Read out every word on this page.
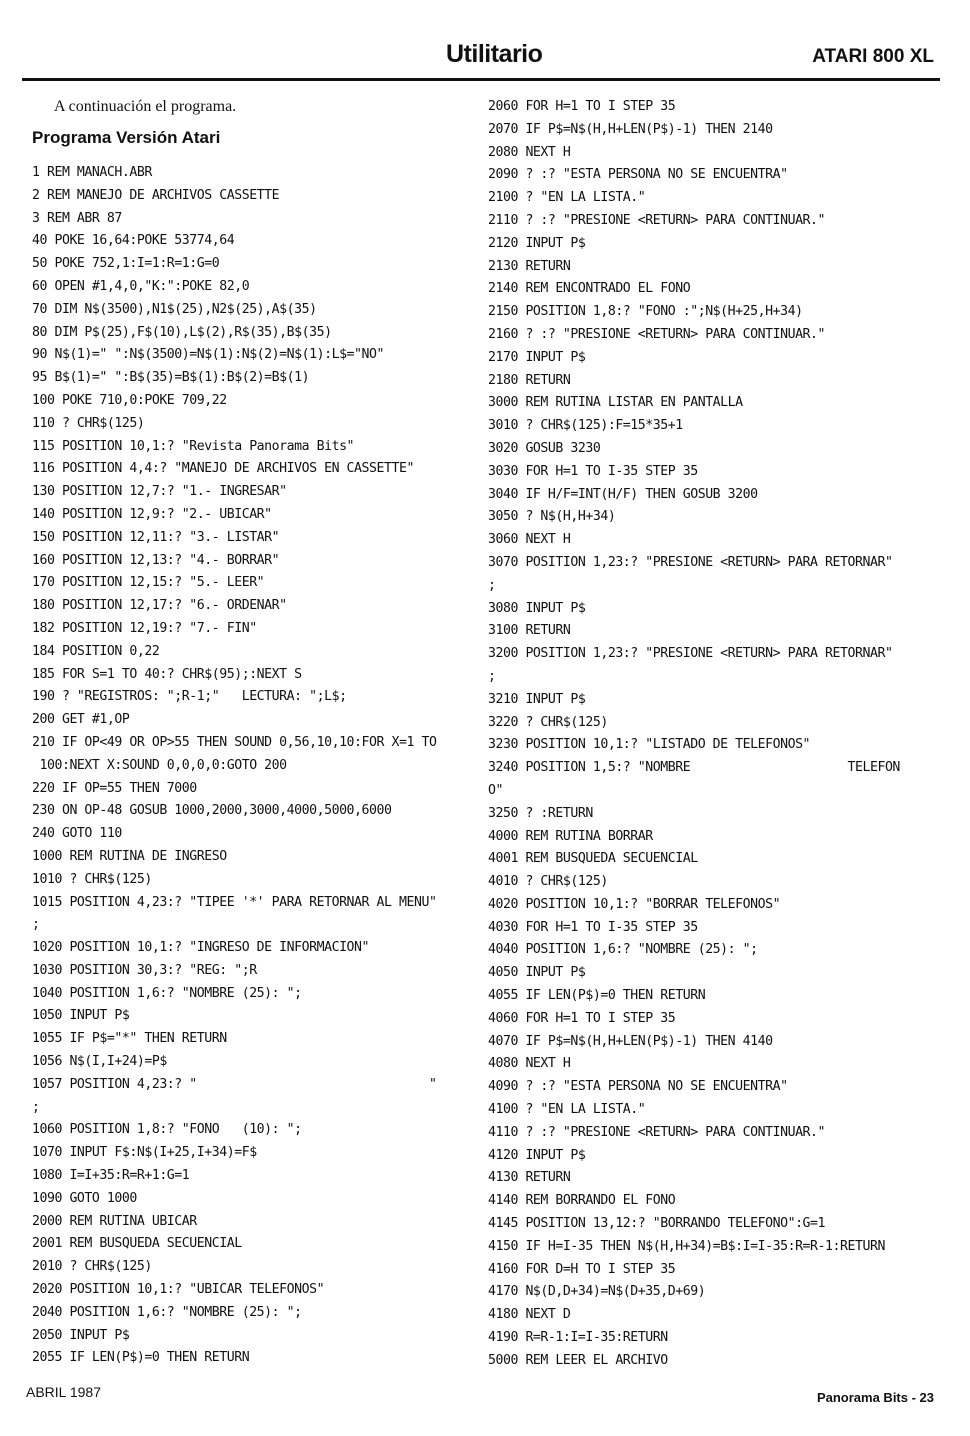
Utilitario	ATARI 800 XL
A continuación el programa.
Programa Versión Atari
1 REM MANACH.ABR
2 REM MANEJO DE ARCHIVOS CASSETTE
3 REM ABR 87
40 POKE 16,64:POKE 53774,64
50 POKE 752,1:I=1:R=1:G=0
60 OPEN #1,4,0,"K:":POKE 82,0
70 DIM N$(3500),N1$(25),N2$(25),A$(35)
80 DIM P$(25),F$(10),L$(2),R$(35),B$(35)
90 N$(1)=" ":N$(3500)=N$(1):N$(2)=N$(1):L$="NO"
95 B$(1)=" ":B$(35)=B$(1):B$(2)=B$(1)
100 POKE 710,0:POKE 709,22
110 ? CHR$(125)
115 POSITION 10,1:? "Revista Panorama Bits"
116 POSITION 4,4:? "MANEJO DE ARCHIVOS EN CASSETTE"
130 POSITION 12,7:? "1.- INGRESAR"
140 POSITION 12,9:? "2.- UBICAR"
150 POSITION 12,11:? "3.- LISTAR"
160 POSITION 12,13:? "4.- BORRAR"
170 POSITION 12,15:? "5.- LEER"
180 POSITION 12,17:? "6.- ORDENAR"
182 POSITION 12,19:? "7.- FIN"
184 POSITION 0,22
185 FOR S=1 TO 40:? CHR$(95);:NEXT S
190 ? "REGISTROS: ";R-1;"   LECTURA: ";L$;
200 GET #1,OP
210 IF OP<49 OR OP>55 THEN SOUND 0,56,10,10:FOR X=1 TO
100:NEXT X:SOUND 0,0,0,0:GOTO 200
220 IF OP=55 THEN 7000
230 ON OP-48 GOSUB 1000,2000,3000,4000,5000,6000
240 GOTO 110
1000 REM RUTINA DE INGRESO
1010 ? CHR$(125)
1015 POSITION 4,23:? "TIPEE '*' PARA RETORNAR AL MENU"
;
1020 POSITION 10,1:? "INGRESO DE INFORMACION"
1030 POSITION 30,3:? "REG: ";R
1040 POSITION 1,6:? "NOMBRE (25): ";
1050 INPUT P$
1055 IF P$="*" THEN RETURN
1056 N$(I,I+24)=P$
1057 POSITION 4,23:? "                               "
;
1060 POSITION 1,8:? "FONO   (10): ";
1070 INPUT F$:N$(I+25,I+34)=F$
1080 I=I+35:R=R+1:G=1
1090 GOTO 1000
2000 REM RUTINA UBICAR
2001 REM BUSQUEDA SECUENCIAL
2010 ? CHR$(125)
2020 POSITION 10,1:? "UBICAR TELEFONOS"
2040 POSITION 1,6:? "NOMBRE (25): ";
2050 INPUT P$
2055 IF LEN(P$)=0 THEN RETURN
2060 FOR H=1 TO I STEP 35
2070 IF P$=N$(H,H+LEN(P$)-1) THEN 2140
2080 NEXT H
2090 ? :? "ESTA PERSONA NO SE ENCUENTRA"
2100 ? "EN LA LISTA."
2110 ? :? "PRESIONE <RETURN> PARA CONTINUAR."
2120 INPUT P$
2130 RETURN
2140 REM ENCONTRADO EL FONO
2150 POSITION 1,8:? "FONO :";N$(H+25,H+34)
2160 ? :? "PRESIONE <RETURN> PARA CONTINUAR."
2170 INPUT P$
2180 RETURN
3000 REM RUTINA LISTAR EN PANTALLA
3010 ? CHR$(125):F=15*35+1
3020 GOSUB 3230
3030 FOR H=1 TO I-35 STEP 35
3040 IF H/F=INT(H/F) THEN GOSUB 3200
3050 ? N$(H,H+34)
3060 NEXT H
3070 POSITION 1,23:? "PRESIONE <RETURN> PARA RETORNAR"
;
3080 INPUT P$
3100 RETURN
3200 POSITION 1,23:? "PRESIONE <RETURN> PARA RETORNAR"
;
3210 INPUT P$
3220 ? CHR$(125)
3230 POSITION 10,1:? "LISTADO DE TELEFONOS"
3240 POSITION 1,5:? "NOMBRE                     TELEFON
O"
3250 ? :RETURN
4000 REM RUTINA BORRAR
4001 REM BUSQUEDA SECUENCIAL
4010 ? CHR$(125)
4020 POSITION 10,1:? "BORRAR TELEFONOS"
4030 FOR H=1 TO I-35 STEP 35
4040 POSITION 1,6:? "NOMBRE (25): ";
4050 INPUT P$
4055 IF LEN(P$)=0 THEN RETURN
4060 FOR H=1 TO I STEP 35
4070 IF P$=N$(H,H+LEN(P$)-1) THEN 4140
4080 NEXT H
4090 ? :? "ESTA PERSONA NO SE ENCUENTRA"
4100 ? "EN LA LISTA."
4110 ? :? "PRESIONE <RETURN> PARA CONTINUAR."
4120 INPUT P$
4130 RETURN
4140 REM BORRANDO EL FONO
4145 POSITION 13,12:? "BORRANDO TELEFONO":G=1
4150 IF H=I-35 THEN N$(H,H+34)=B$:I=I-35:R=R-1:RETURN
4160 FOR D=H TO I STEP 35
4170 N$(D,D+34)=N$(D+35,D+69)
4180 NEXT D
4190 R=R-1:I=I-35:RETURN
5000 REM LEER EL ARCHIVO
ABRIL 1987	Panorama Bits - 23
